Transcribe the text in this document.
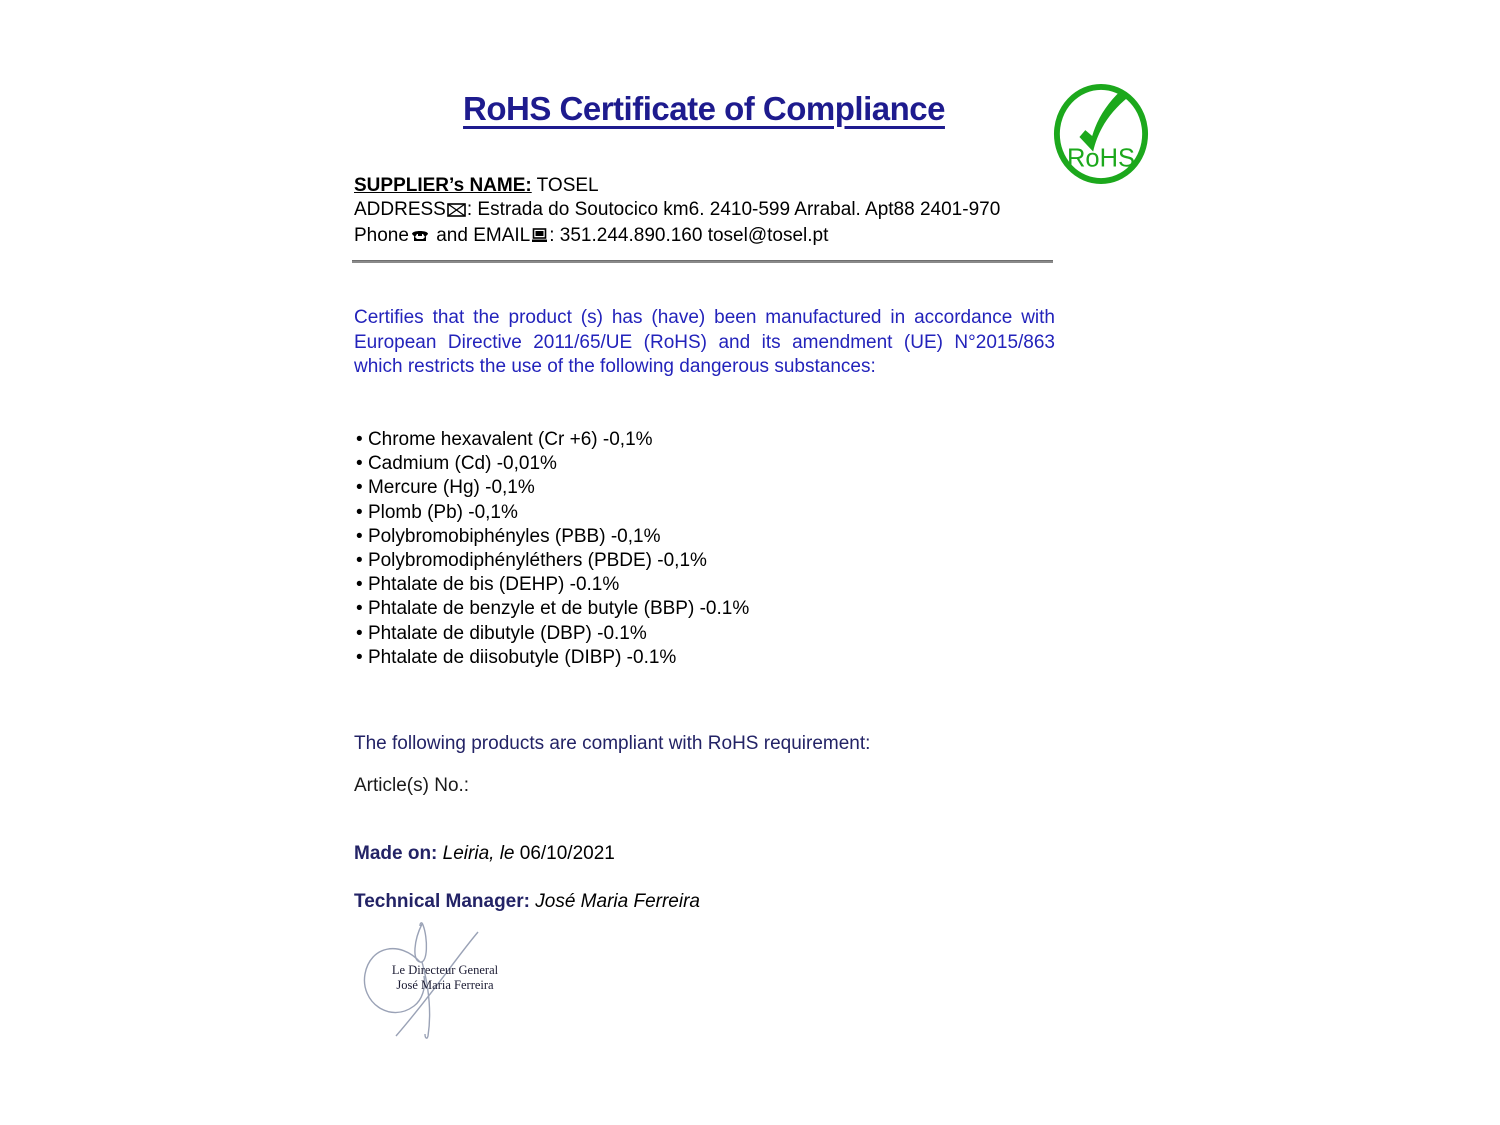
RoHS Certificate of Compliance
RoHS
SUPPLIER’s NAME: TOSEL
ADDRESS : Estrada do Soutocico km6. 2410-599 Arrabal. Apt88 2401-970
Phone and EMAIL : 351.244.890.160 tosel@tosel.pt

Certifies that the product (s) has (have) been manufactured in accordance with European Directive 2011/65/UE (RoHS) and its amendment (UE) N°2015/863 which restricts the use of the following dangerous substances:

• Chrome hexavalent (Cr +6) -0,1%
• Cadmium (Cd) -0,01%
• Mercure (Hg) -0,1%
• Plomb (Pb) -0,1%
• Polybromobiphényles (PBB) -0,1%
• Polybromodiphényléthers (PBDE) -0,1%
• Phtalate de bis (DEHP) -0.1%
• Phtalate de benzyle et de butyle (BBP) -0.1%
• Phtalate de dibutyle (DBP) -0.1%
• Phtalate de diisobutyle (DIBP) -0.1%
The following products are compliant with RoHS requirement:
Article(s) No.:
Made on: Leiria, le 06/10/2021
Technical Manager: José Maria Ferreira
Le Directeur General
José Maria Ferreira
